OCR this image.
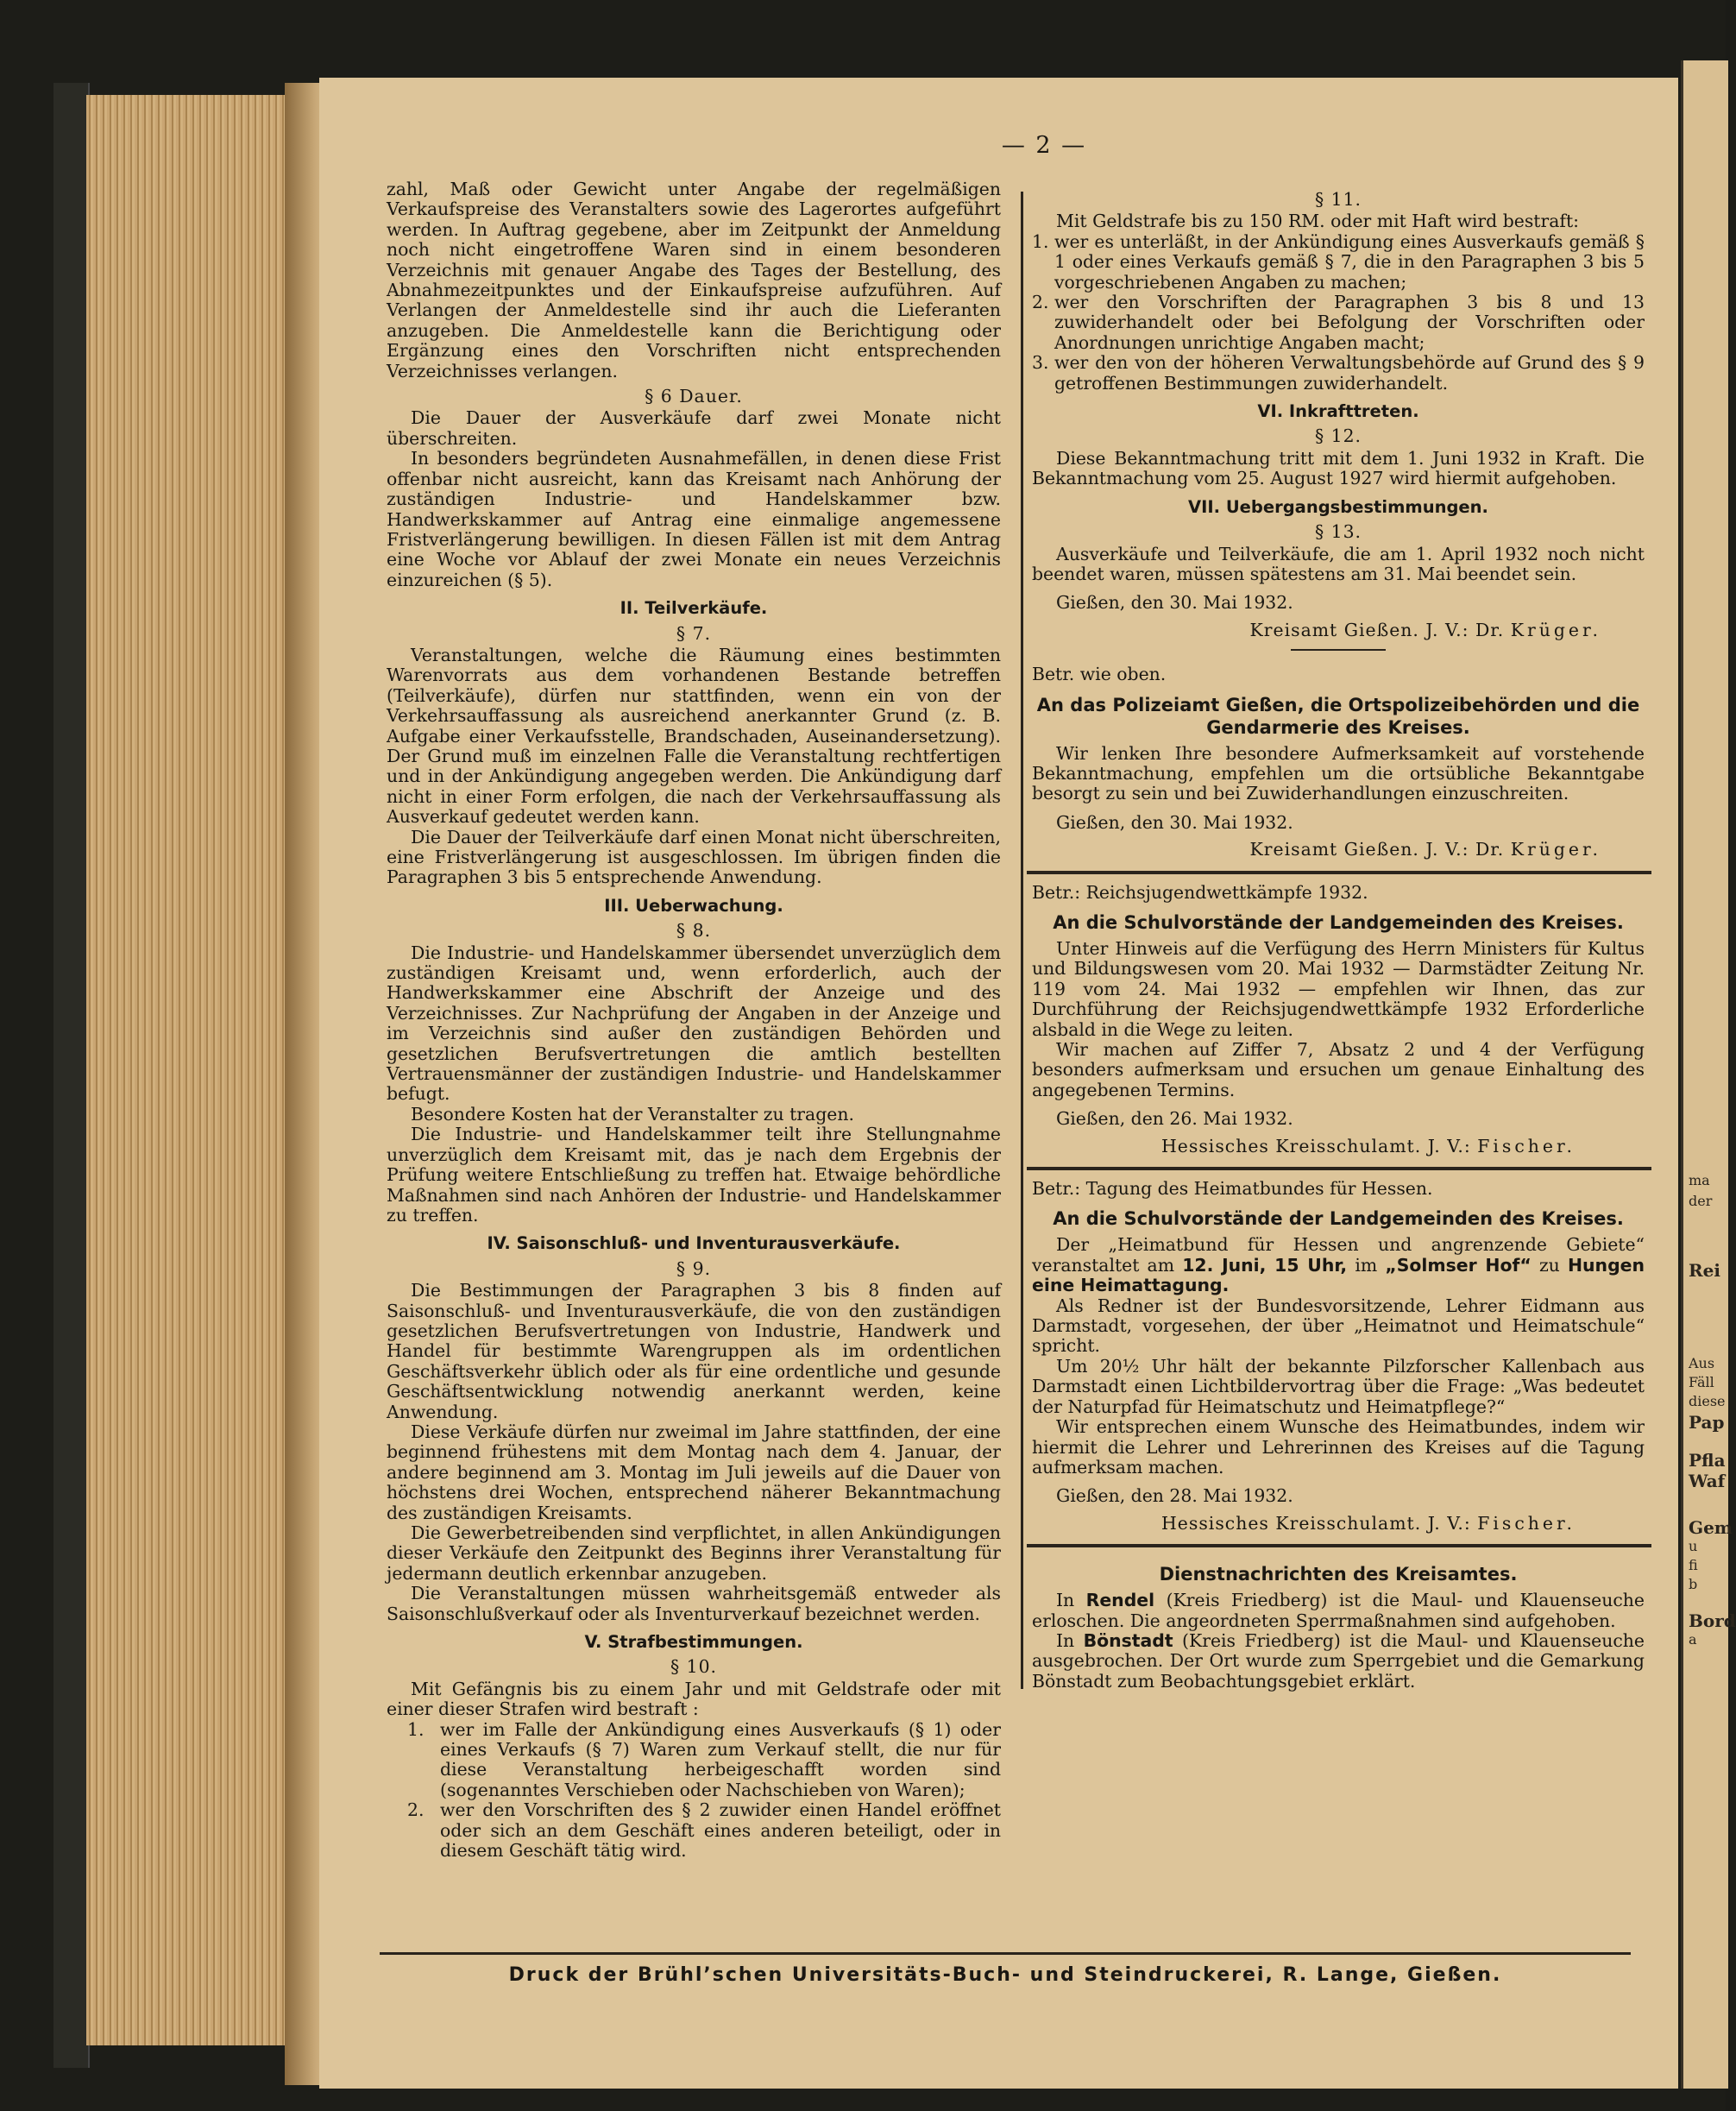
Rei
ma
der
Aus
Fäll
diese
Pap
Pfla
Waf
Gem
u
fi
b
Bord
a
— 2 —

zahl, Maß oder Gewicht unter Angabe der regelmäßigen Verkaufspreise des Veranstalters sowie des Lagerortes aufgeführt werden. In Auftrag gegebene, aber im Zeitpunkt der Anmeldung noch nicht eingetroffene Waren sind in einem besonderen Verzeichnis mit genauer Angabe des Tages der Bestellung, des Abnahmezeitpunktes und der Einkaufspreise aufzuführen. Auf Verlangen der Anmeldestelle sind ihr auch die Lieferanten anzugeben. Die Anmeldestelle kann die Berichtigung oder Ergänzung eines den Vorschriften nicht entsprechenden Verzeichnisses verlangen.

§ 6 Dauer.

Die Dauer der Ausverkäufe darf zwei Monate nicht überschreiten.

In besonders begründeten Ausnahmefällen, in denen diese Frist offenbar nicht ausreicht, kann das Kreisamt nach Anhörung der zuständigen Industrie- und Handelskammer bzw. Handwerkskammer auf Antrag eine einmalige angemessene Fristverlängerung bewilligen. In diesen Fällen ist mit dem Antrag eine Woche vor Ablauf der zwei Monate ein neues Verzeichnis einzureichen (§ 5).

II. Teilverkäufe.
§ 7.

Veranstaltungen, welche die Räumung eines bestimmten Warenvorrats aus dem vorhandenen Bestande betreffen (Teilverkäufe), dürfen nur stattfinden, wenn ein von der Verkehrsauffassung als ausreichend anerkannter Grund (z. B. Aufgabe einer Verkaufsstelle, Brandschaden, Auseinandersetzung). Der Grund muß im einzelnen Falle die Veranstaltung rechtfertigen und in der Ankündigung angegeben werden. Die Ankündigung darf nicht in einer Form erfolgen, die nach der Verkehrsauffassung als Ausverkauf gedeutet werden kann.

Die Dauer der Teilverkäufe darf einen Monat nicht überschreiten, eine Fristverlängerung ist ausgeschlossen. Im übrigen finden die Paragraphen 3 bis 5 entsprechende Anwendung.

III. Ueberwachung.
§ 8.

Die Industrie- und Handelskammer übersendet unverzüglich dem zuständigen Kreisamt und, wenn erforderlich, auch der Handwerkskammer eine Abschrift der Anzeige und des Verzeichnisses. Zur Nachprüfung der Angaben in der Anzeige und im Verzeichnis sind außer den zuständigen Behörden und gesetzlichen Berufsvertretungen die amtlich bestellten Vertrauensmänner der zuständigen Industrie- und Handelskammer befugt.

Besondere Kosten hat der Veranstalter zu tragen.

Die Industrie- und Handelskammer teilt ihre Stellungnahme unverzüglich dem Kreisamt mit, das je nach dem Ergebnis der Prüfung weitere Entschließung zu treffen hat. Etwaige behördliche Maßnahmen sind nach Anhören der Industrie- und Handelskammer zu treffen.

IV. Saisonschluß- und Inventurausverkäufe.
§ 9.

Die Bestimmungen der Paragraphen 3 bis 8 finden auf Saisonschluß- und Inventurausverkäufe, die von den zuständigen gesetzlichen Berufsvertretungen von Industrie, Handwerk und Handel für bestimmte Warengruppen als im ordentlichen Geschäftsverkehr üblich oder als für eine ordentliche und gesunde Geschäftsentwicklung notwendig anerkannt werden, keine Anwendung.

Diese Verkäufe dürfen nur zweimal im Jahre stattfinden, der eine beginnend frühestens mit dem Montag nach dem 4. Januar, der andere beginnend am 3. Montag im Juli jeweils auf die Dauer von höchstens drei Wochen, entsprechend näherer Bekanntmachung des zuständigen Kreisamts.

Die Gewerbetreibenden sind verpflichtet, in allen Ankündigungen dieser Verkäufe den Zeitpunkt des Beginns ihrer Veranstaltung für jedermann deutlich erkennbar anzugeben.

Die Veranstaltungen müssen wahrheitsgemäß entweder als Saisonschlußverkauf oder als Inventurverkauf bezeichnet werden.

V. Strafbestimmungen.
§ 10.

Mit Gefängnis bis zu einem Jahr und mit Geldstrafe oder mit einer dieser Strafen wird bestraft :

1. wer im Falle der Ankündigung eines Ausverkaufs (§ 1) oder eines Verkaufs (§ 7) Waren zum Verkauf stellt, die nur für diese Veranstaltung herbeigeschafft worden sind (sogenanntes Verschieben oder Nachschieben von Waren);
2. wer den Vorschriften des § 2 zuwider einen Handel eröffnet oder sich an dem Geschäft eines anderen beteiligt, oder in diesem Geschäft tätig wird.
§ 11.

Mit Geldstrafe bis zu 150 RM. oder mit Haft wird bestraft:

1. wer es unterläßt, in der Ankündigung eines Ausverkaufs gemäß § 1 oder eines Verkaufs gemäß § 7, die in den Paragraphen 3 bis 5 vorgeschriebenen Angaben zu machen;
2. wer den Vorschriften der Paragraphen 3 bis 8 und 13 zuwiderhandelt oder bei Befolgung der Vorschriften oder Anordnungen unrichtige Angaben macht;
3. wer den von der höheren Verwaltungsbehörde auf Grund des § 9 getroffenen Bestimmungen zuwiderhandelt.
VI. Inkrafttreten.
§ 12.

Diese Bekanntmachung tritt mit dem 1. Juni 1932 in Kraft. Die Bekanntmachung vom 25. August 1927 wird hiermit aufgehoben.

VII. Uebergangsbestimmungen.
§ 13.

Ausverkäufe und Teilverkäufe, die am 1. April 1932 noch nicht beendet waren, müssen spätestens am 31. Mai beendet sein.

Gießen, den 30. Mai 1932.

Kreisamt Gießen. J. V.: Dr. Krüger.

Betr. wie oben.

An das Polizeiamt Gießen, die Ortspolizeibehörden und die Gendarmerie des Kreises.

Wir lenken Ihre besondere Aufmerksamkeit auf vorstehende Bekanntmachung, empfehlen um die ortsübliche Bekanntgabe besorgt zu sein und bei Zuwiderhandlungen einzuschreiten.

Gießen, den 30. Mai 1932.

Kreisamt Gießen. J. V.: Dr. Krüger.

Betr.: Reichsjugendwettkämpfe 1932.

An die Schulvorstände der Landgemeinden des Kreises.

Unter Hinweis auf die Verfügung des Herrn Ministers für Kultus und Bildungswesen vom 20. Mai 1932 — Darmstädter Zeitung Nr. 119 vom 24. Mai 1932 — empfehlen wir Ihnen, das zur Durchführung der Reichsjugendwettkämpfe 1932 Erforderliche alsbald in die Wege zu leiten.

Wir machen auf Ziffer 7, Absatz 2 und 4 der Verfügung besonders aufmerksam und ersuchen um genaue Einhaltung des angegebenen Termins.

Gießen, den 26. Mai 1932.

Hessisches Kreisschulamt. J. V.: Fischer.

Betr.: Tagung des Heimatbundes für Hessen.

An die Schulvorstände der Landgemeinden des Kreises.

Der „Heimatbund für Hessen und angrenzende Gebiete“ veranstaltet am 12. Juni, 15 Uhr, im „Solmser Hof“ zu Hungen eine Heimattagung.

Als Redner ist der Bundesvorsitzende, Lehrer Eidmann aus Darmstadt, vorgesehen, der über „Heimatnot und Heimatschule“ spricht.

Um 20½ Uhr hält der bekannte Pilzforscher Kallenbach aus Darmstadt einen Lichtbildervortrag über die Frage: „Was bedeutet der Naturpfad für Heimatschutz und Heimatpflege?“

Wir entsprechen einem Wunsche des Heimatbundes, indem wir hiermit die Lehrer und Lehrerinnen des Kreises auf die Tagung aufmerksam machen.

Gießen, den 28. Mai 1932.

Hessisches Kreisschulamt. J. V.: Fischer.
Dienstnachrichten des Kreisamtes.

In Rendel (Kreis Friedberg) ist die Maul- und Klauenseuche erloschen. Die angeordneten Sperrmaßnahmen sind aufgehoben.

In Bönstadt (Kreis Friedberg) ist die Maul- und Klauenseuche ausgebrochen. Der Ort wurde zum Sperrgebiet und die Gemarkung Bönstadt zum Beobachtungsgebiet erklärt.

Druck der Brühl’schen Universitäts-Buch- und Steindruckerei, R. Lange, Gießen.
